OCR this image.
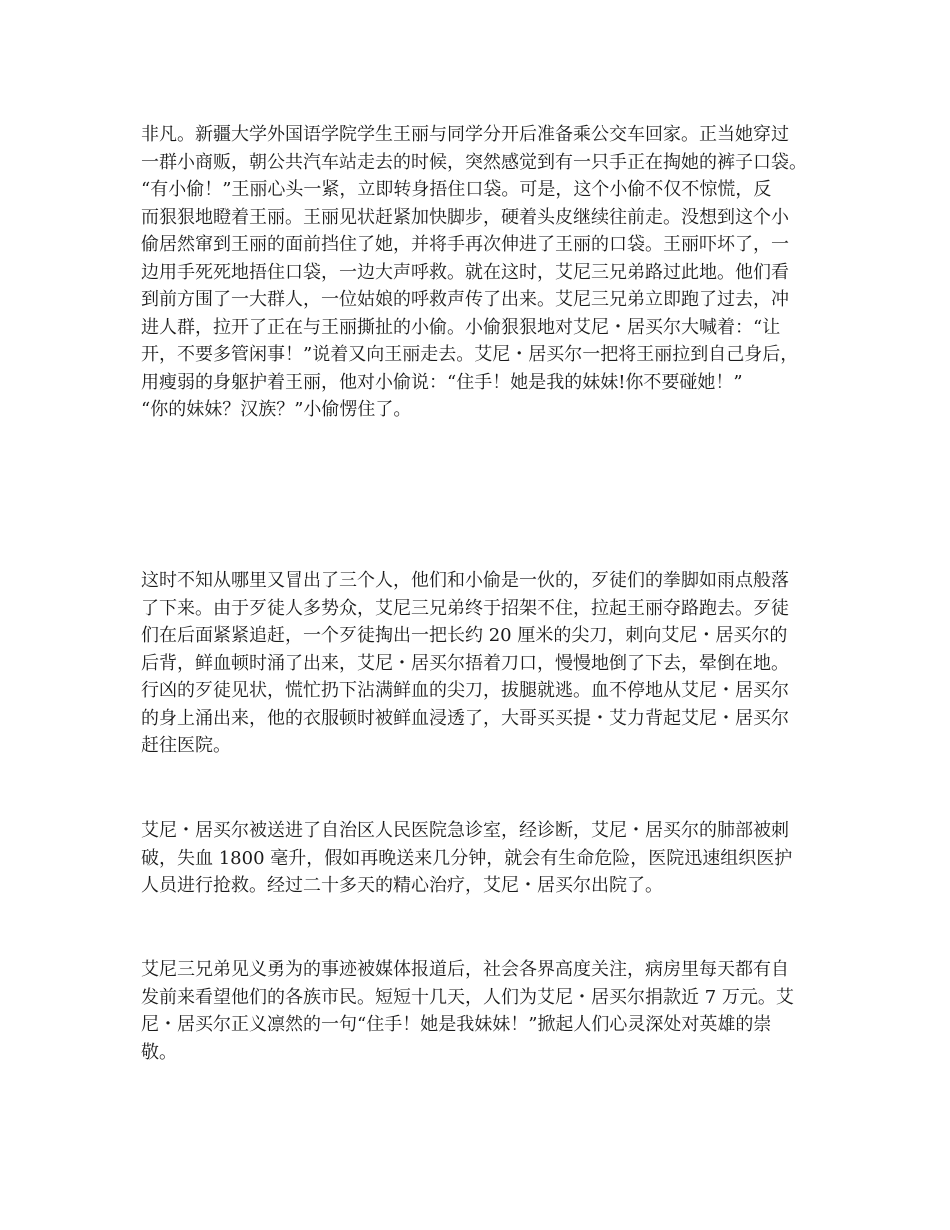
非凡。新疆大学外国语学院学生王丽与同学分开后准备乘公交车回家。正当她穿过
一群小商贩，朝公共汽车站走去的时候，突然感觉到有一只手正在掏她的裤子口袋。
“有小偷！”王丽心头一紧，立即转身捂住口袋。可是，这个小偷不仅不惊慌，反
而狠狠地瞪着王丽。王丽见状赶紧加快脚步，硬着头皮继续往前走。没想到这个小
偷居然窜到王丽的面前挡住了她，并将手再次伸进了王丽的口袋。王丽吓坏了，一
边用手死死地捂住口袋，一边大声呼救。就在这时，艾尼三兄弟路过此地。他们看
到前方围了一大群人，一位姑娘的呼救声传了出来。艾尼三兄弟立即跑了过去，冲
进人群，拉开了正在与王丽撕扯的小偷。小偷狠狠地对艾尼・居买尔大喊着：“让
开，不要多管闲事！”说着又向王丽走去。艾尼・居买尔一把将王丽拉到自己身后，
用瘦弱的身躯护着王丽，他对小偷说：“住手！她是我的妹妹!你不要碰她！”
“你的妹妹？汉族？”小偷愣住了。
这时不知从哪里又冒出了三个人，他们和小偷是一伙的，歹徒们的拳脚如雨点般落
了下来。由于歹徒人多势众，艾尼三兄弟终于招架不住，拉起王丽夺路跑去。歹徒
们在后面紧紧追赶，一个歹徒掏出一把长约 20 厘米的尖刀，刺向艾尼・居买尔的
后背，鲜血顿时涌了出来，艾尼・居买尔捂着刀口，慢慢地倒了下去，晕倒在地。
行凶的歹徒见状，慌忙扔下沾满鲜血的尖刀，拔腿就逃。血不停地从艾尼・居买尔
的身上涌出来，他的衣服顿时被鲜血浸透了，大哥买买提・艾力背起艾尼・居买尔
赶往医院。
艾尼・居买尔被送进了自治区人民医院急诊室，经诊断，艾尼・居买尔的肺部被刺
破，失血 1800 毫升，假如再晚送来几分钟，就会有生命危险，医院迅速组织医护
人员进行抢救。经过二十多天的精心治疗，艾尼・居买尔出院了。
艾尼三兄弟见义勇为的事迹被媒体报道后，社会各界高度关注，病房里每天都有自
发前来看望他们的各族市民。短短十几天，人们为艾尼・居买尔捐款近 7 万元。艾
尼・居买尔正义凛然的一句“住手！她是我妹妹！”掀起人们心灵深处对英雄的崇
敬。
